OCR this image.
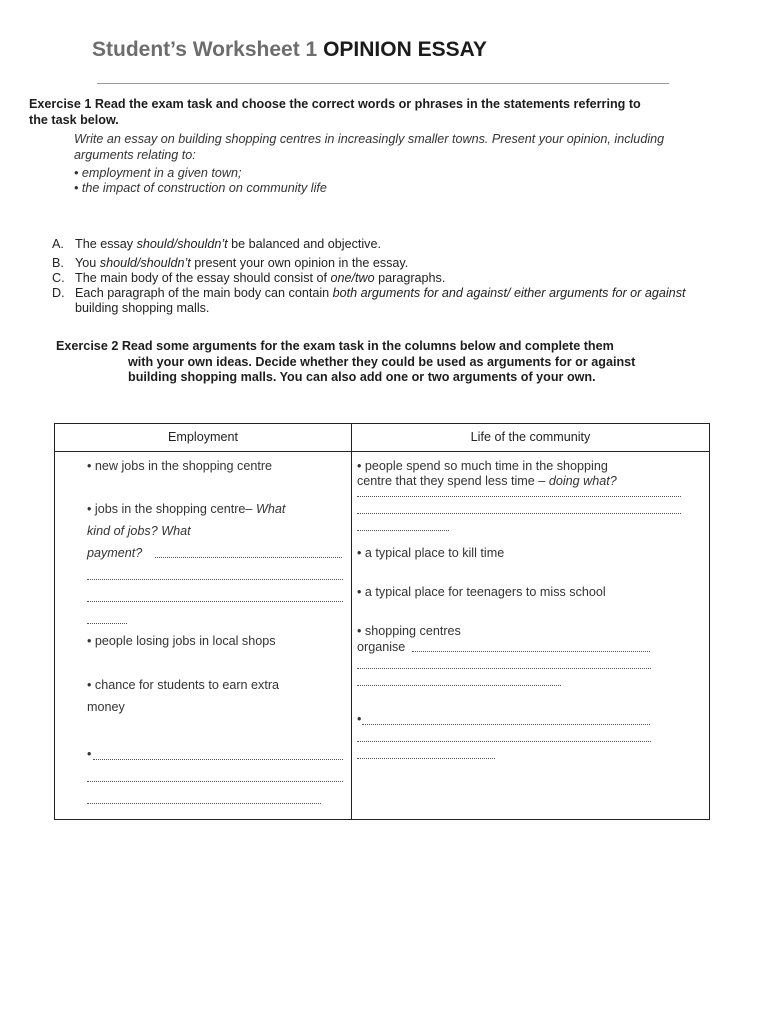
Student’s Worksheet 1 OPINION ESSAY
Exercise 1 Read the exam task and choose the correct words or phrases in the statements referring to
the task below.
Write an essay on building shopping centres in increasingly smaller towns. Present your opinion, including arguments relating to:
• employment in a given town;
• the impact of construction on community life
A. The essay should/shouldn’t be balanced and objective.
B. You should/shouldn’t present your own opinion in the essay.
C. The main body of the essay should consist of one/two paragraphs.
D. Each paragraph of the main body can contain both arguments for and against/ either arguments for or against building shopping malls.
Exercise 2 Read some arguments for the exam task in the columns below and complete them
with your own ideas. Decide whether they could be used as arguments for or against
building shopping malls. You can also add one or two arguments of your own.
Employment	Life of the community
• new jobs in the shopping centre
• jobs in the shopping centre– What
kind of jobs? What
payment?
• people losing jobs in local shops
• chance for students to earn extra
money
•
• people spend so much time in the shopping
centre that they spend less time – doing what?
• a typical place to kill time
• a typical place for teenagers to miss school
• shopping centres
organise
•
